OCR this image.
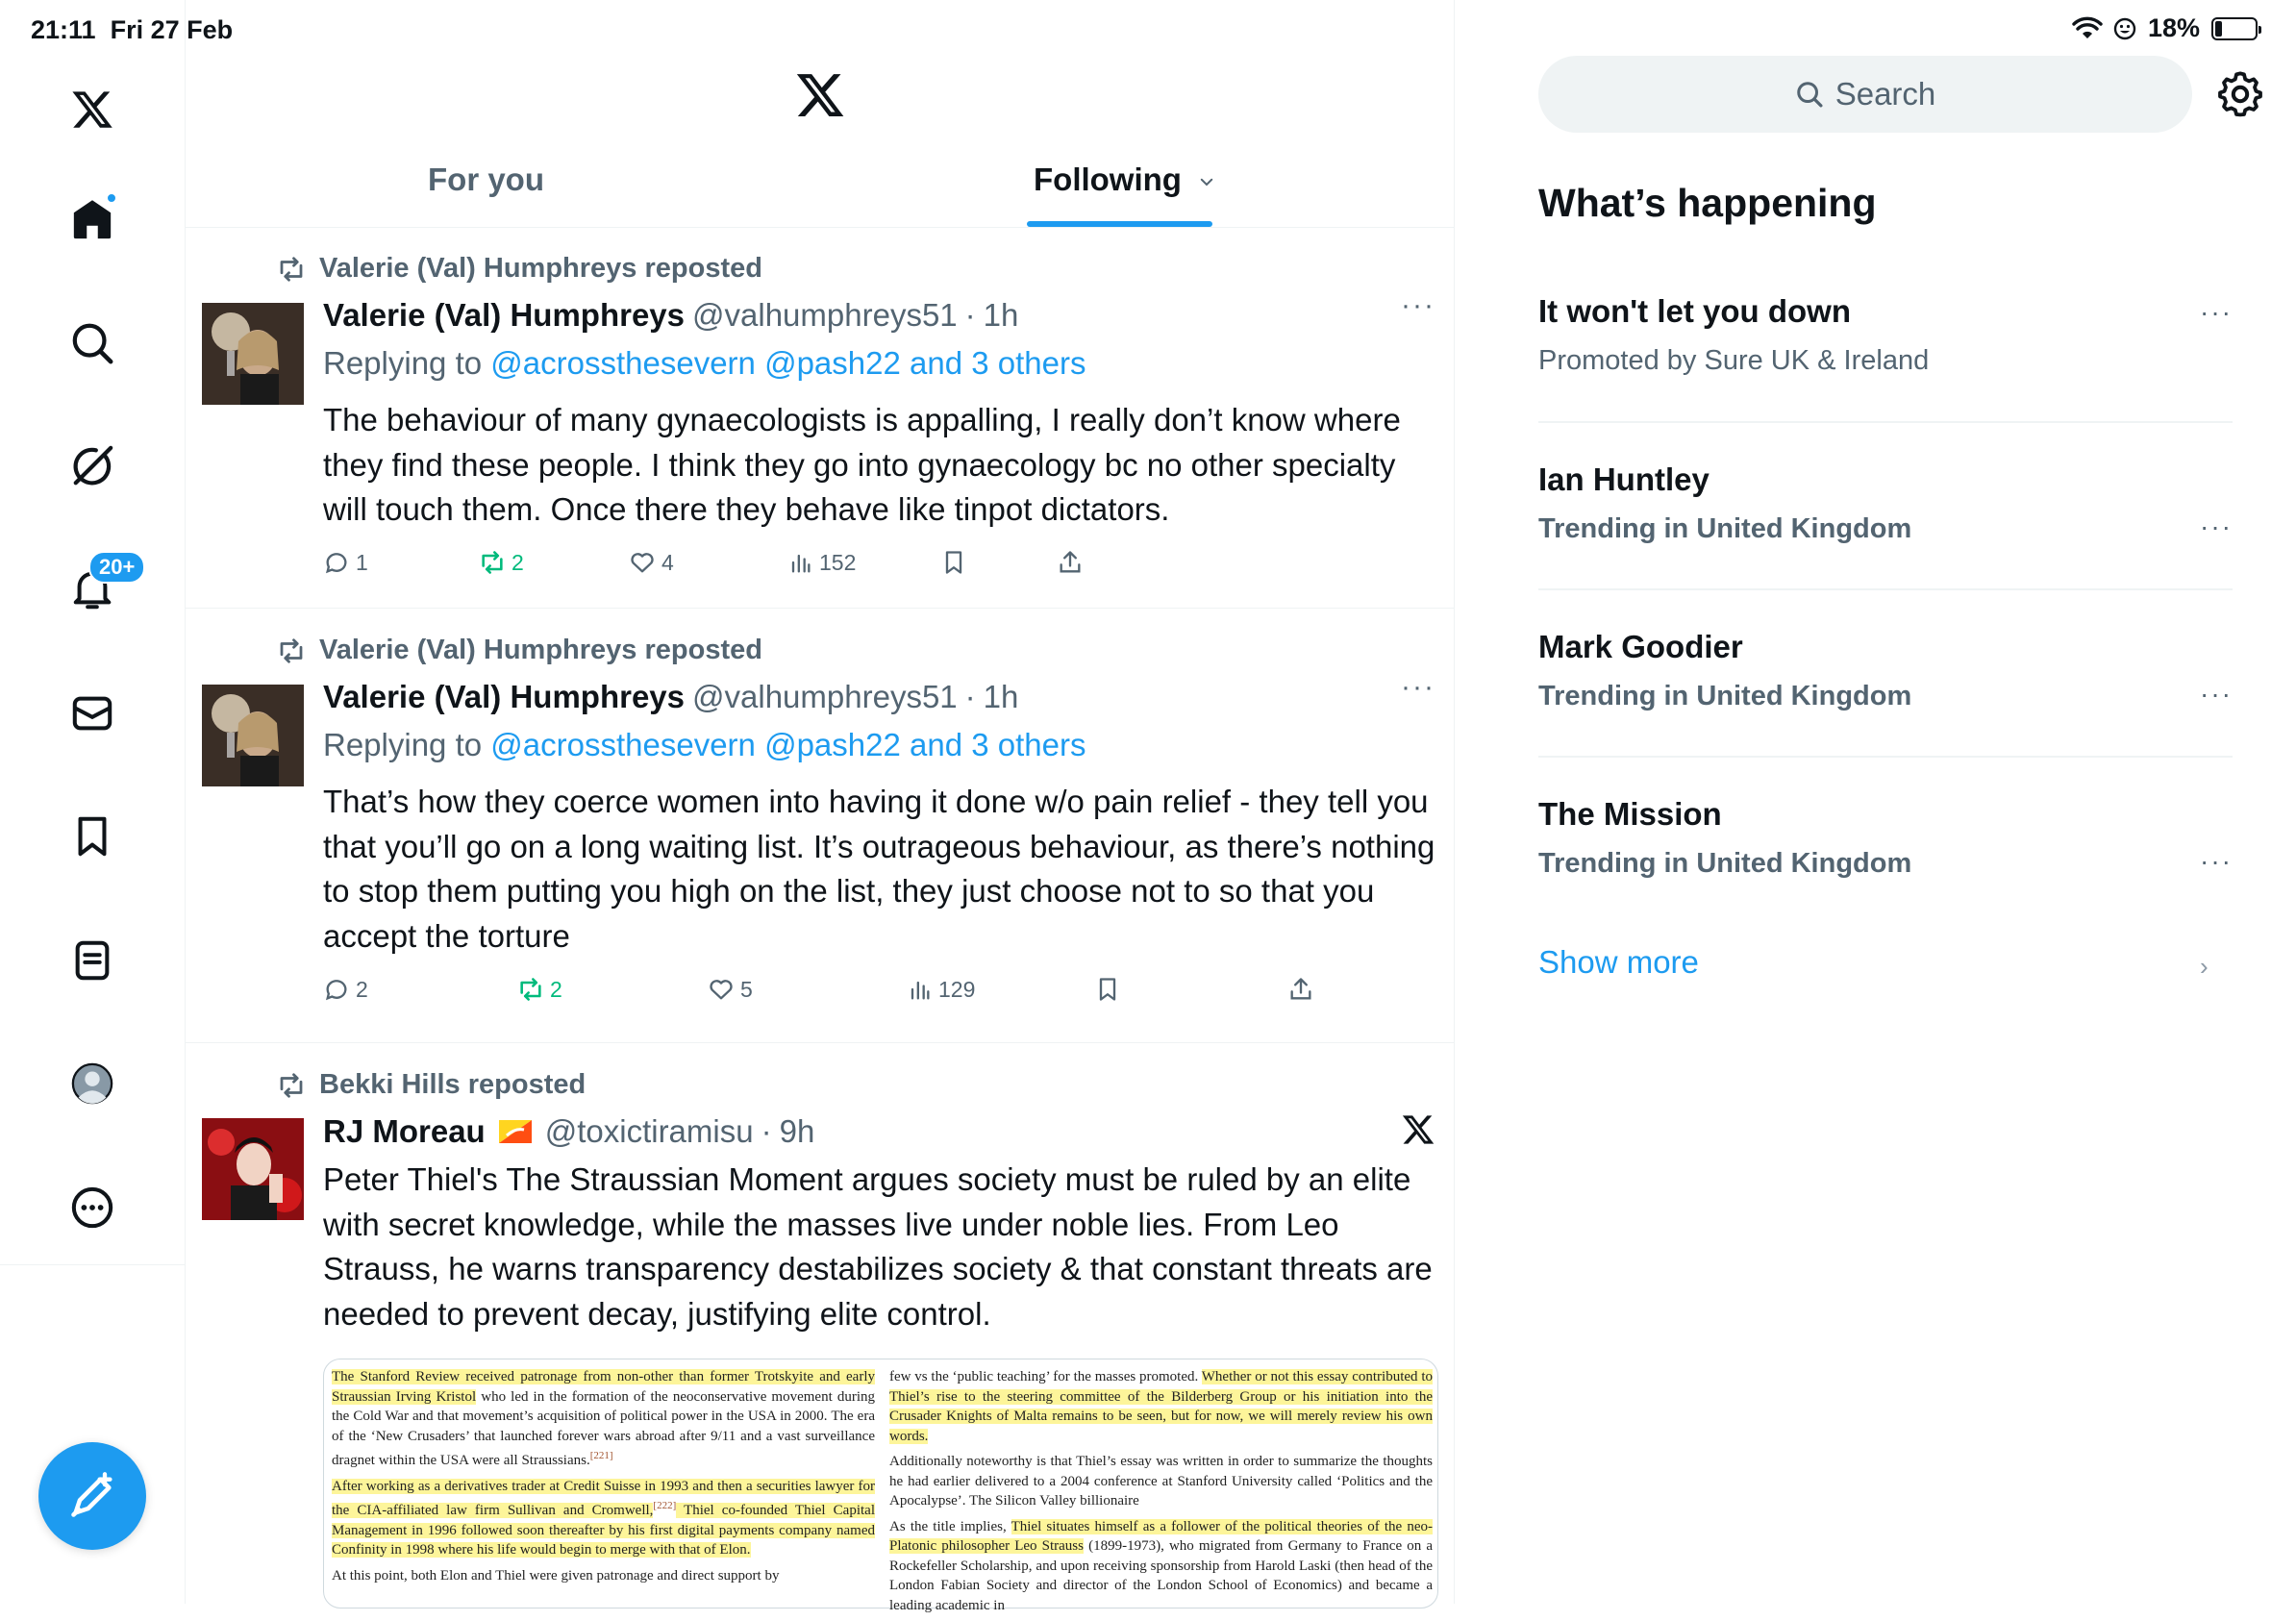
21:11 Fri 27 Feb	18%
20+
For you	Following
Valerie (Val) Humphreys reposted
Valerie (Val) Humphreys @valhumphreys51 · 1h	···
Replying to @acrossthesevern @pash22 and 3 others
The behaviour of many gynaecologists is appalling, I really don’t know where they find these people. I think they go into gynaecology bc no other specialty will touch them. Once there they behave like tinpot dictators.
1	2	4	152
Valerie (Val) Humphreys reposted
Valerie (Val) Humphreys @valhumphreys51 · 1h	···
Replying to @acrossthesevern @pash22 and 3 others
That’s how they coerce women into having it done w/o pain relief - they tell you that you’ll go on a long waiting list. It’s outrageous behaviour, as there’s nothing to stop them putting you high on the list, they just choose not to so that you accept the torture
2	2	5	129
Bekki Hills reposted
RJ Moreau @toxictiramisu · 9h
Peter Thiel's The Straussian Moment argues society must be ruled by an elite with secret knowledge, while the masses live under noble lies. From Leo Strauss, he warns transparency destabilizes society & that constant threats are needed to prevent decay, justifying elite control.

The Stanford Review received patronage from non-other than former Trotskyite and early Straussian Irving Kristol who led in the formation of the neoconservative movement during the Cold War and that movement’s acquisition of political power in the USA in 2000. The era of the ‘New Crusaders’ that launched forever wars abroad after 9/11 and a vast surveillance dragnet within the USA were all Straussians.[221]

After working as a derivatives trader at Credit Suisse in 1993 and then a securities lawyer for the CIA-affiliated law firm Sullivan and Cromwell,[222] Thiel co-founded Thiel Capital Management in 1996 followed soon thereafter by his first digital payments company named Confinity in 1998 where his life would begin to merge with that of Elon.

At this point, both Elon and Thiel were given patronage and direct support by

few vs the ‘public teaching’ for the masses promoted. Whether or not this essay contributed to Thiel’s rise to the steering committee of the Bilderberg Group or his initiation into the Crusader Knights of Malta remains to be seen, but for now, we will merely review his own words.

Additionally noteworthy is that Thiel’s essay was written in order to summarize the thoughts he had earlier delivered to a 2004 conference at Stanford University called ‘Politics and the Apocalypse’. The Silicon Valley billionaire

As the title implies, Thiel situates himself as a follower of the political theories of the neo-Platonic philosopher Leo Strauss (1899-1973), who migrated from Germany to France on a Rockefeller Scholarship, and upon receiving sponsorship from Harold Laski (then head of the London Fabian Society and director of the London School of Economics) and became a leading academic in

Search
What’s happening
It won't let you down
Promoted by Sure UK & Ireland
···
Ian Huntley
Trending in United Kingdom	···
Mark Goodier
Trending in United Kingdom	···
The Mission
Trending in United Kingdom	···
Show more	›
